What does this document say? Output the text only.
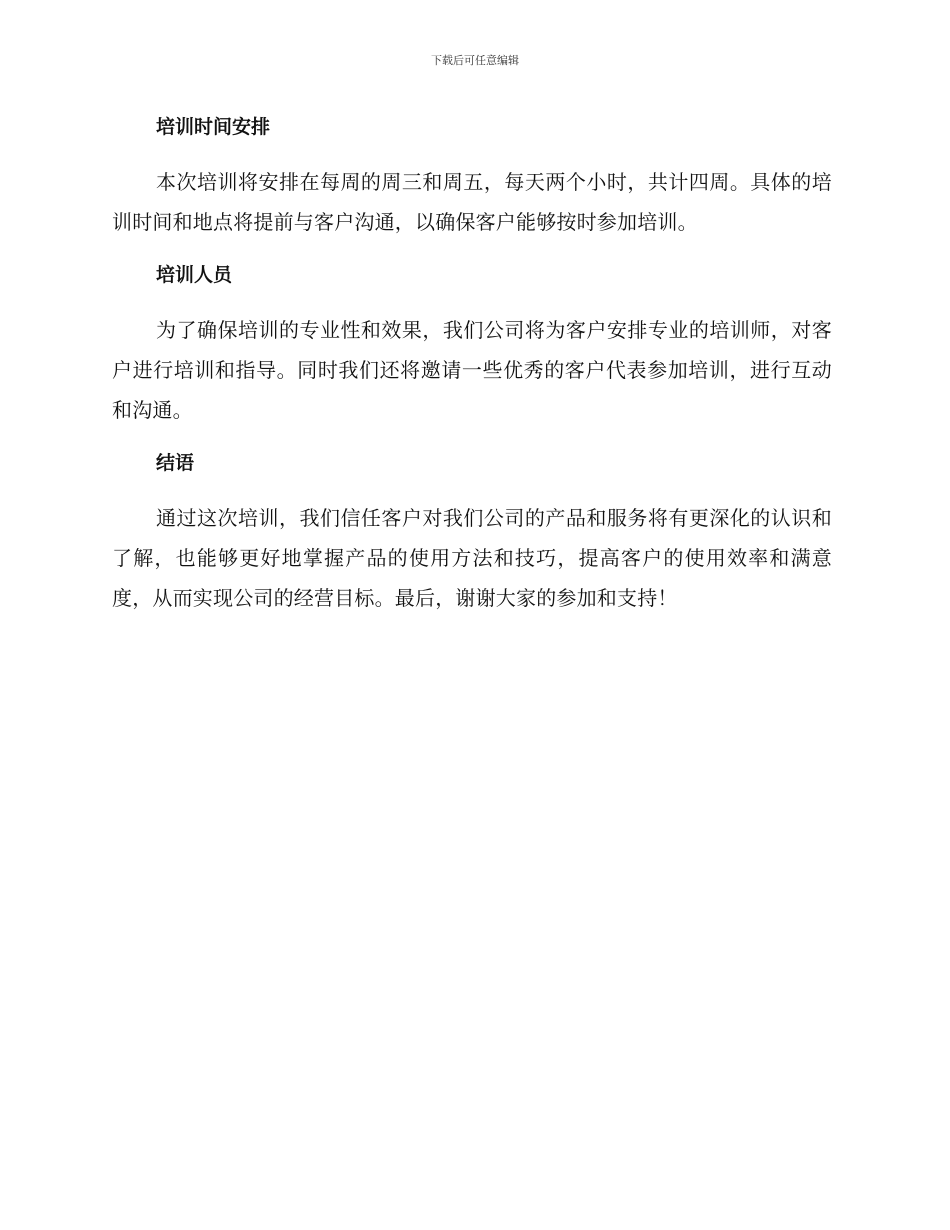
下载后可任意编辑
培训时间安排

本次培训将安排在每周的周三和周五，每天两个小时，共计四周。具体的培训时间和地点将提前与客户沟通，以确保客户能够按时参加培训。

培训人员

为了确保培训的专业性和效果，我们公司将为客户安排专业的培训师，对客户进行培训和指导。同时我们还将邀请一些优秀的客户代表参加培训，进行互动和沟通。

结语

通过这次培训，我们信任客户对我们公司的产品和服务将有更深化的认识和了解，也能够更好地掌握产品的使用方法和技巧，提高客户的使用效率和满意度，从而实现公司的经营目标。最后，谢谢大家的参加和支持！
